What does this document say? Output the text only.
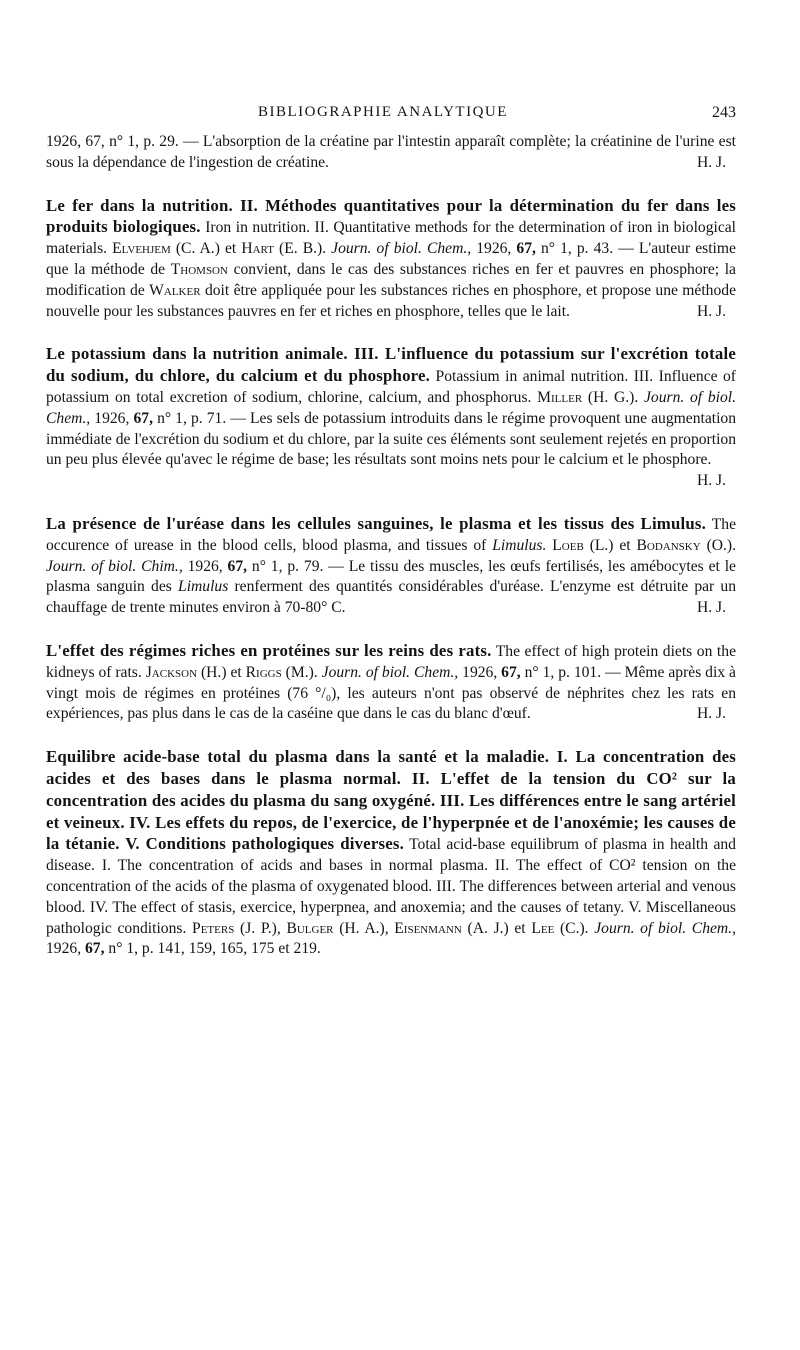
BIBLIOGRAPHIE ANALYTIQUE	243

1926, 67, n° 1, p. 29. — L'absorption de la créatine par l'intestin apparaît complète; la créatinine de l'urine est sous la dépendance de l'ingestion de créatine.	H. J.

Le fer dans la nutrition. II. Méthodes quantitatives pour la détermination du fer dans les produits biologiques. Iron in nutrition. II. Quantitative methods for the determination of iron in biological materials. Elvehjem (C. A.) et Hart (E. B.). Journ. of biol. Chem., 1926, 67, n° 1, p. 43. — L'auteur estime que la méthode de Thomson convient, dans le cas des substances riches en fer et pauvres en phosphore; la modification de Walker doit être appliquée pour les substances riches en phosphore, et propose une méthode nouvelle pour les substances pauvres en fer et riches en phosphore, telles que le lait.	H. J.

Le potassium dans la nutrition animale. III. L'influence du potassium sur l'excrétion totale du sodium, du chlore, du calcium et du phosphore. Potassium in animal nutrition. III. Influence of potassium on total excretion of sodium, chlorine, calcium, and phosphorus. Miller (H. G.). Journ. of biol. Chem., 1926, 67, n° 1, p. 71. — Les sels de potassium introduits dans le régime provoquent une augmentation immédiate de l'excrétion du sodium et du chlore, par la suite ces éléments sont seulement rejetés en proportion un peu plus élevée qu'avec le régime de base; les résultats sont moins nets pour le calcium et le phosphore.
H. J.

La présence de l'uréase dans les cellules sanguines, le plasma et les tissus des Limulus. The occurence of urease in the blood cells, blood plasma, and tissues of Limulus. Loeb (L.) et Bodansky (O.). Journ. of biol. Chim., 1926, 67, n° 1, p. 79. — Le tissu des muscles, les œufs fertilisés, les amébocytes et le plasma sanguin des Limulus renferment des quantités considérables d'uréase. L'enzyme est détruite par un chauffage de trente minutes environ à 70-80° C.	H. J.

L'effet des régimes riches en protéines sur les reins des rats. The effect of high protein diets on the kidneys of rats. Jackson (H.) et Riggs (M.). Journ. of biol. Chem., 1926, 67, n° 1, p. 101. — Même après dix à vingt mois de régimes en protéines (76 °/₀), les auteurs n'ont pas observé de néphrites chez les rats en expériences, pas plus dans le cas de la caséine que dans le cas du blanc d'œuf.	H. J.

Equilibre acide-base total du plasma dans la santé et la maladie. I. La concentration des acides et des bases dans le plasma normal. II. L'effet de la tension du CO² sur la concentration des acides du plasma du sang oxygéné. III. Les différences entre le sang artériel et veineux. IV. Les effets du repos, de l'exercice, de l'hyperpnée et de l'anoxémie; les causes de la tétanie. V. Conditions pathologiques diverses. Total acid-base equilibrum of plasma in health and disease. I. The concentration of acids and bases in normal plasma. II. The effect of CO² tension on the concentration of the acids of the plasma of oxygenated blood. III. The differences between arterial and venous blood. IV. The effect of stasis, exercice, hyperpnea, and anoxemia; and the causes of tetany. V. Miscellaneous pathologic conditions. Peters (J. P.), Bulger (H. A.), Eisenmann (A. J.) et Lee (C.). Journ. of biol. Chem., 1926, 67, n° 1, p. 141, 159, 165, 175 et 219.
